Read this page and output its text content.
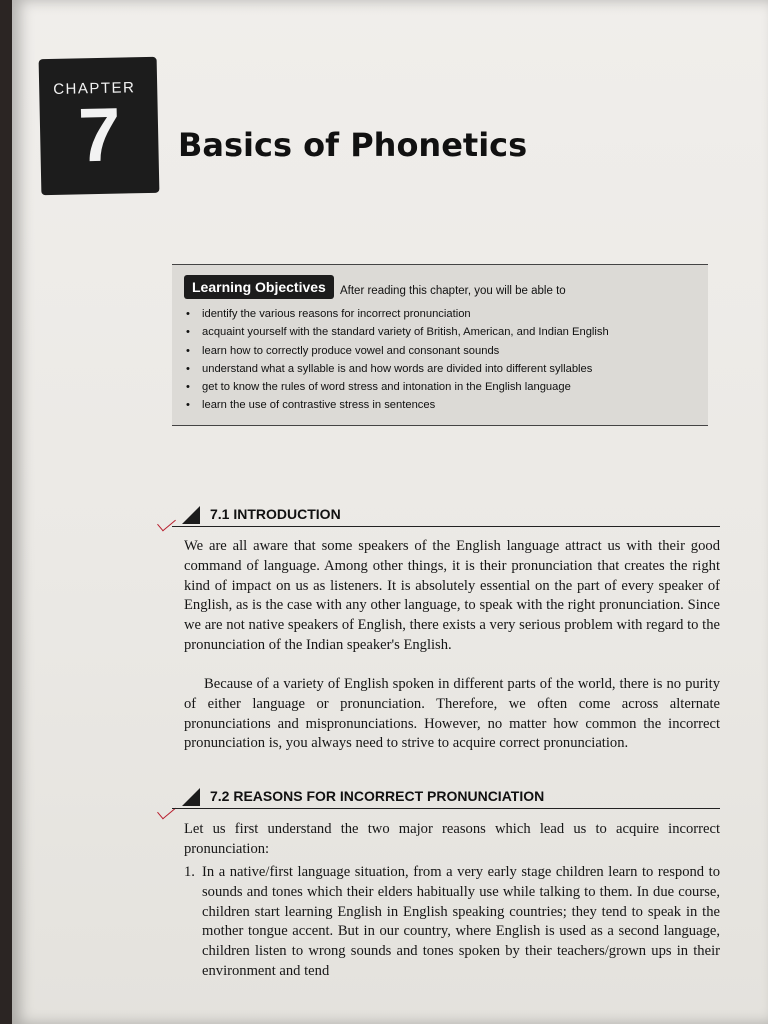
CHAPTER
7 Basics of Phonetics
Learning Objectives	After reading this chapter, you will be able to
• identify the various reasons for incorrect pronunciation
• acquaint yourself with the standard variety of British, American, and Indian English
• learn how to correctly produce vowel and consonant sounds
• understand what a syllable is and how words are divided into different syllables
• get to know the rules of word stress and intonation in the English language
• learn the use of contrastive stress in sentences
7.1 INTRODUCTION

We are all aware that some speakers of the English language attract us with their good command of language. Among other things, it is their pronunciation that creates the right kind of impact on us as listeners. It is absolutely essential on the part of every speaker of English, as is the case with any other language, to speak with the right pronunciation. Since we are not native speakers of English, there exists a very serious problem with regard to the pronunciation of the Indian speaker's English.

Because of a variety of English spoken in different parts of the world, there is no purity of either language or pronunciation. Therefore, we often come across alternate pronunciations and mispronunciations. However, no matter how common the incorrect pronunciation is, you always need to strive to acquire correct pronunciation.

7.2 REASONS FOR INCORRECT PRONUNCIATION

Let us first understand the two major reasons which lead us to acquire incorrect pronunciation:

1. In a native/first language situation, from a very early stage children learn to respond to sounds and tones which their elders habitually use while talking to them. In due course, children start learning English in English speaking countries; they tend to speak in the mother tongue accent. But in our country, where English is used as a second language, children listen to wrong sounds and tones spoken by their teachers/grown ups in their environment and tend
